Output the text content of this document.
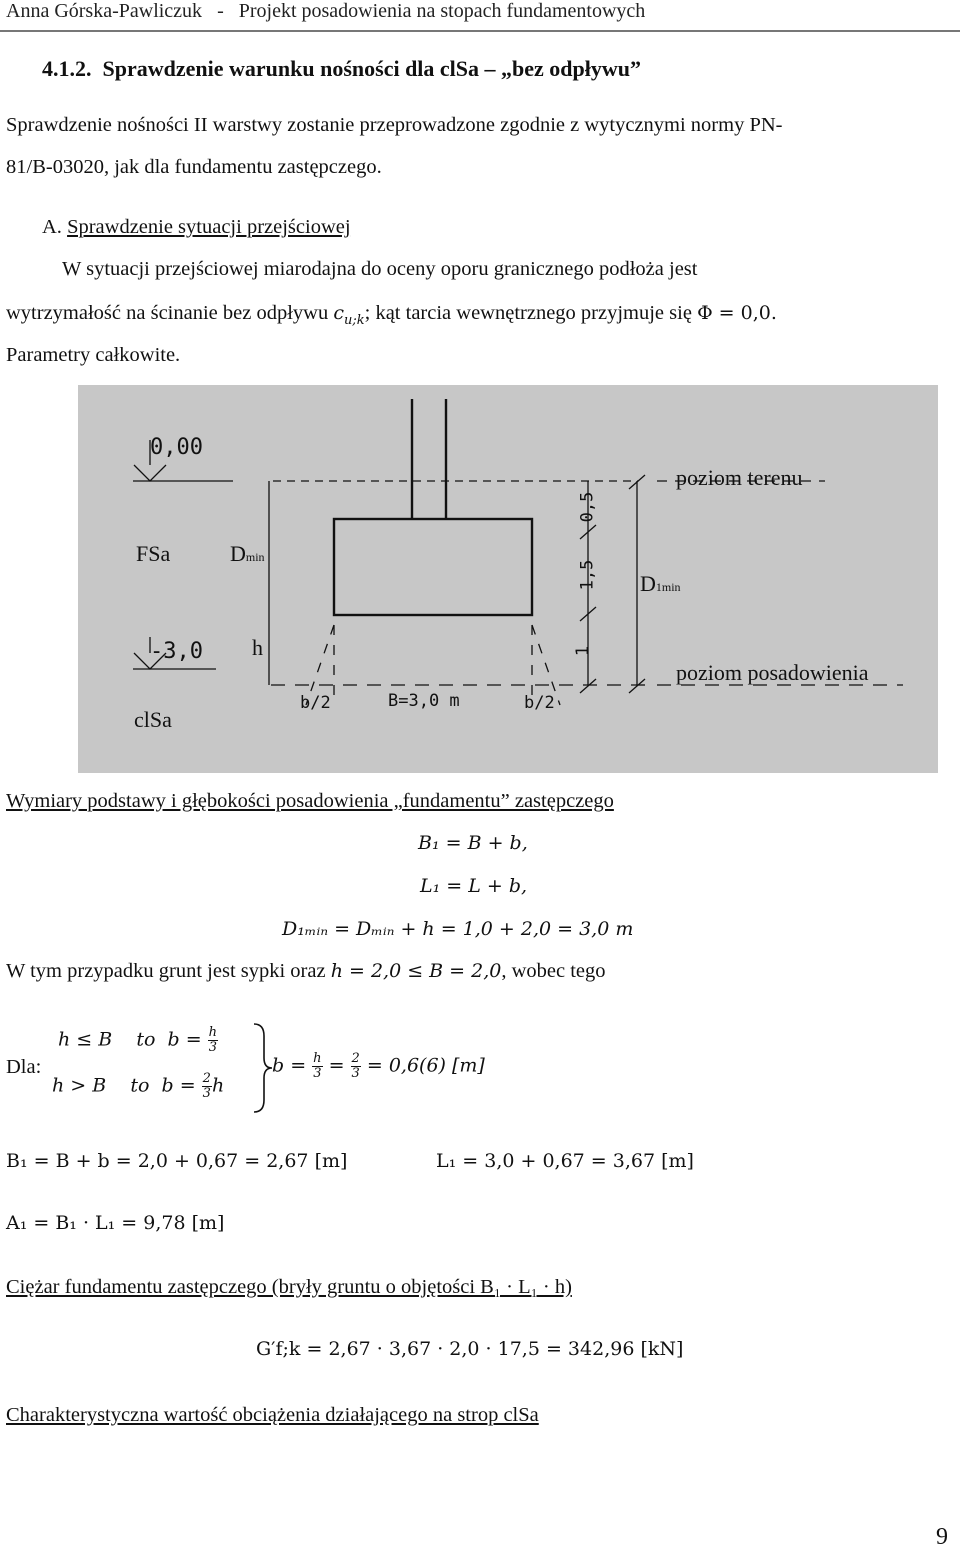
Anna Górska-Pawliczuk - Projekt posadowienia na stopach fundamentowych
4.1.2. Sprawdzenie warunku nośności dla clSa – „bez odpływu”
Sprawdzenie nośności II warstwy zostanie przeprowadzone zgodnie z wytycznymi normy PN-
81/B-03020, jak dla fundamentu zastępczego.
A. Sprawdzenie sytuacji przejściowej
W sytuacji przejściowej miarodajna do oceny oporu granicznego podłoża jest
wytrzymałość na ścinanie bez odpływu $c_{u;k}$; kąt tarcia wewnętrznego przyjmuje się Φ = 0,0.
Parametry całkowite.
0,00
-3,0
poziom terenu
poziom posadowienia
FSa
clSa
Dmin
D1min
h
0,5
1,5
1
b/2	B=3,0 m	b/2
Wymiary podstawy i głębokości posadowienia „fundamentu” zastępczego
B₁ = B + b,
L₁ = L + b,
D₁ₘᵢₙ = Dₘᵢₙ + h = 1,0 + 2,0 = 3,0 m
W tym przypadku grunt jest sypki oraz h = 2,0 ≤ B = 2,0, wobec tego
Dla:
h ≤ B    to  $b = \frac{h}{3}$
h > B    to  $b = \frac{2}{3}$ h
$b = \frac{h}{3} = \frac{2}{3} = 0,6(6)$ [m]
B₁ = B + b = 2,0 + 0,67 = 2,67 [m]	L₁ = 3,0 + 0,67 = 3,67 [m]
A₁ = B₁ · L₁ = 9,78 [m]
Ciężar fundamentu zastępczego (bryły gruntu o objętości B₁ · L₁ · h)
G′f;k = 2,67 · 3,67 · 2,0 · 17,5 = 342,96 [kN]
Charakterystyczna wartość obciążenia działającego na strop clSa
9
